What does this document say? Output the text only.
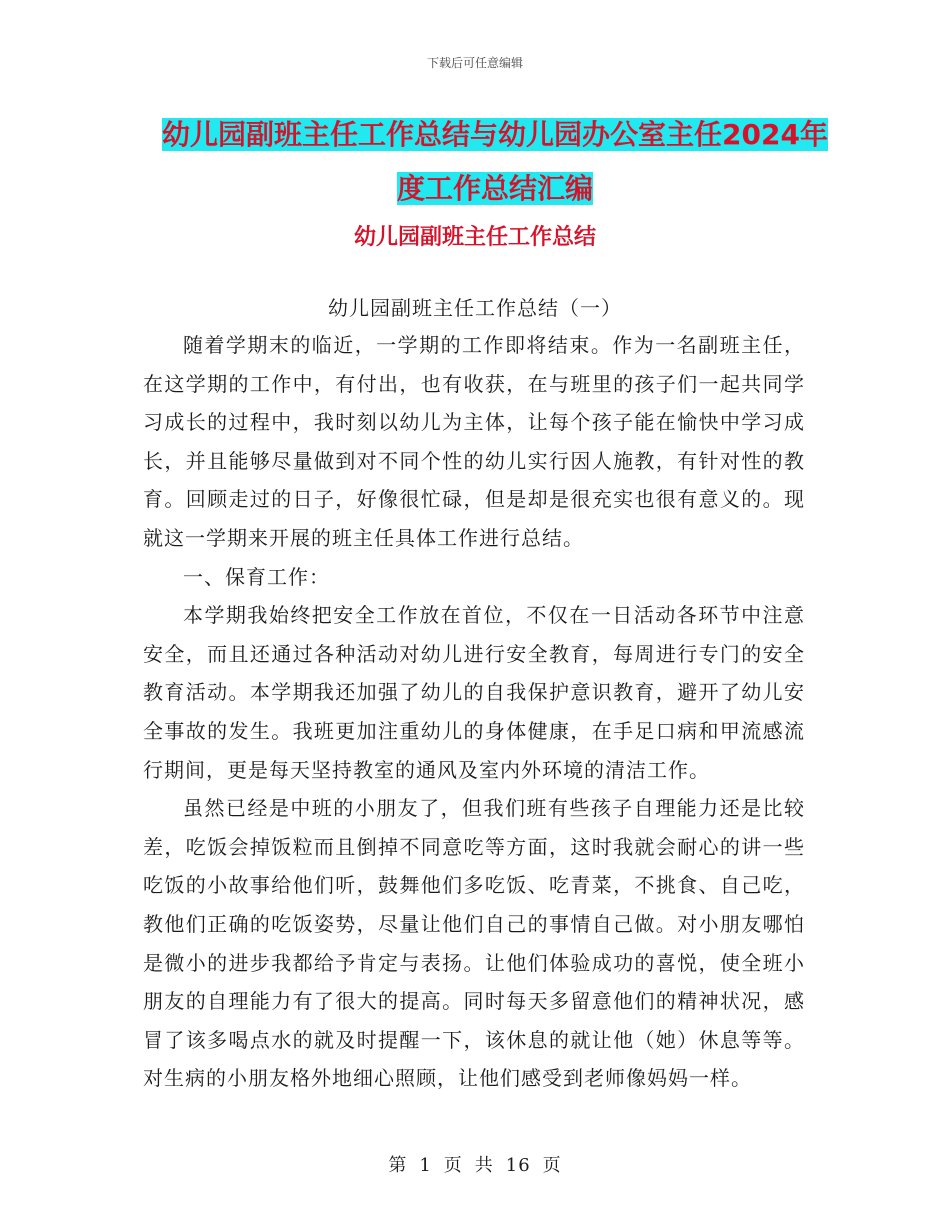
下载后可任意编辑
幼儿园副班主任工作总结与幼儿园办公室主任2024年度工作总结汇编
幼儿园副班主任工作总结
幼儿园副班主任工作总结（一）

随着学期末的临近，一学期的工作即将结束。作为一名副班主任，在这学期的工作中，有付出，也有收获，在与班里的孩子们一起共同学习成长的过程中，我时刻以幼儿为主体，让每个孩子能在愉快中学习成长，并且能够尽量做到对不同个性的幼儿实行因人施教，有针对性的教育。回顾走过的日子，好像很忙碌，但是却是很充实也很有意义的。现就这一学期来开展的班主任具体工作进行总结。

一、保育工作：

本学期我始终把安全工作放在首位，不仅在一日活动各环节中注意安全，而且还通过各种活动对幼儿进行安全教育，每周进行专门的安全教育活动。本学期我还加强了幼儿的自我保护意识教育，避开了幼儿安全事故的发生。我班更加注重幼儿的身体健康，在手足口病和甲流感流行期间，更是每天坚持教室的通风及室内外环境的清洁工作。

虽然已经是中班的小朋友了，但我们班有些孩子自理能力还是比较差，吃饭会掉饭粒而且倒掉不同意吃等方面，这时我就会耐心的讲一些吃饭的小故事给他们听，鼓舞他们多吃饭、吃青菜，不挑食、自己吃，教他们正确的吃饭姿势，尽量让他们自己的事情自己做。对小朋友哪怕是微小的进步我都给予肯定与表扬。让他们体验成功的喜悦，使全班小朋友的自理能力有了很大的提高。同时每天多留意他们的精神状况，感冒了该多喝点水的就及时提醒一下，该休息的就让他（她）休息等等。对生病的小朋友格外地细心照顾，让他们感受到老师像妈妈一样。

第 1 页 共 16 页
